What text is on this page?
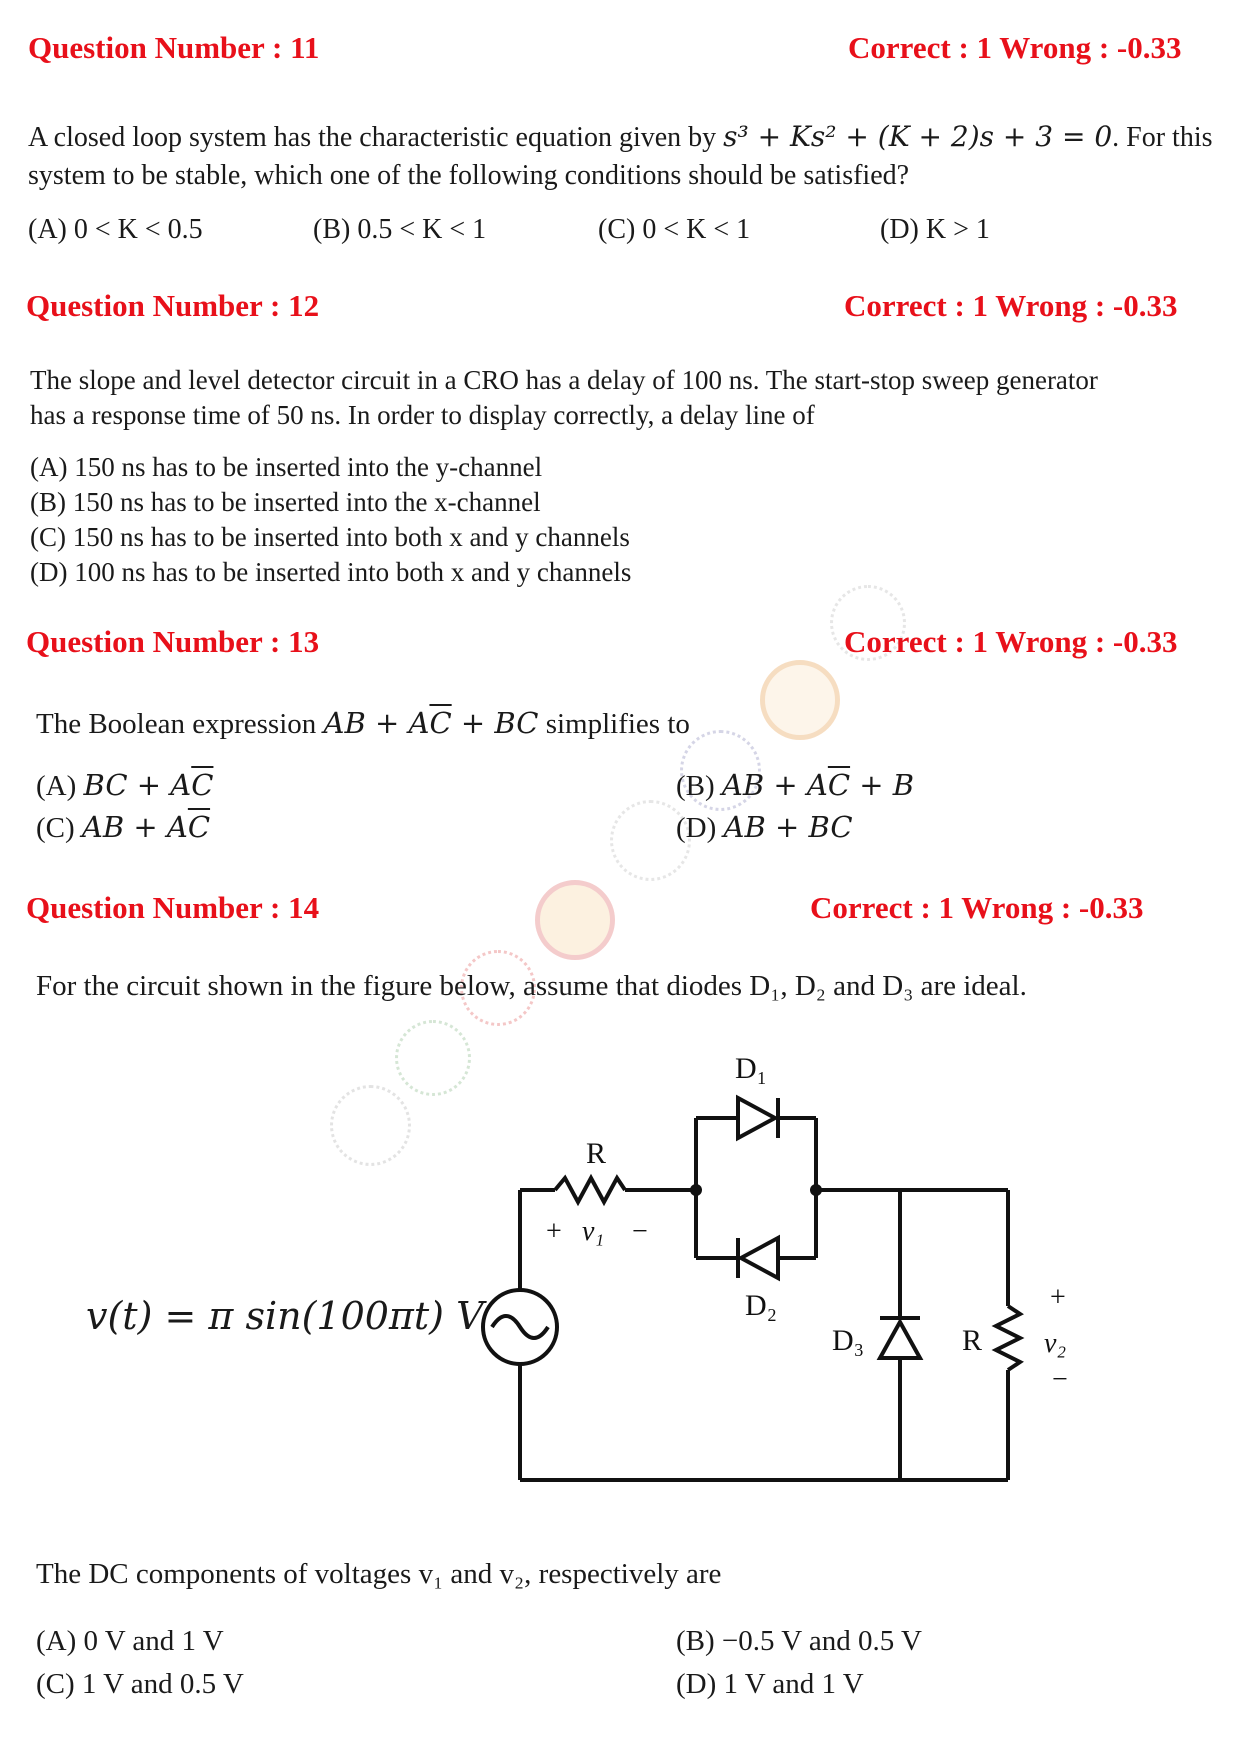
Question Number : 11	Correct : 1 Wrong : -0.33
A closed loop system has the characteristic equation given by s³ + Ks² + (K + 2)s + 3 = 0. For this
system to be stable, which one of the following conditions should be satisfied?
(A) 0 < K < 0.5	(B) 0.5 < K < 1	(C) 0 < K < 1	(D) K > 1
Question Number : 12	Correct : 1 Wrong : -0.33
The slope and level detector circuit in a CRO has a delay of 100 ns. The start-stop sweep generator
has a response time of 50 ns. In order to display correctly, a delay line of
(A) 150 ns has to be inserted into the y-channel
(B) 150 ns has to be inserted into the x-channel
(C) 150 ns has to be inserted into both x and y channels
(D) 100 ns has to be inserted into both x and y channels
Question Number : 13	Correct : 1 Wrong : -0.33
The Boolean expression AB + $A\overline{C}$ + BC simplifies to
(A) BC + $A\overline{C}$	(B) AB + $A\overline{C} + B$
(C) AB + $A\overline{C}$	(D) AB + BC
Question Number : 14	Correct : 1 Wrong : -0.33
For the circuit shown in the figure below, assume that diodes D₁, D₂ and D₃ are ideal.
v(t) = π sin(100πt) V
D₁
D₂
D₃
R
R
+ v₁ −
+
v₂
−
The DC components of voltages v₁ and v₂, respectively are
(A) 0 V and 1 V	(B) −0.5 V and 0.5 V
(C) 1 V and 0.5 V	(D) 1 V and 1 V
